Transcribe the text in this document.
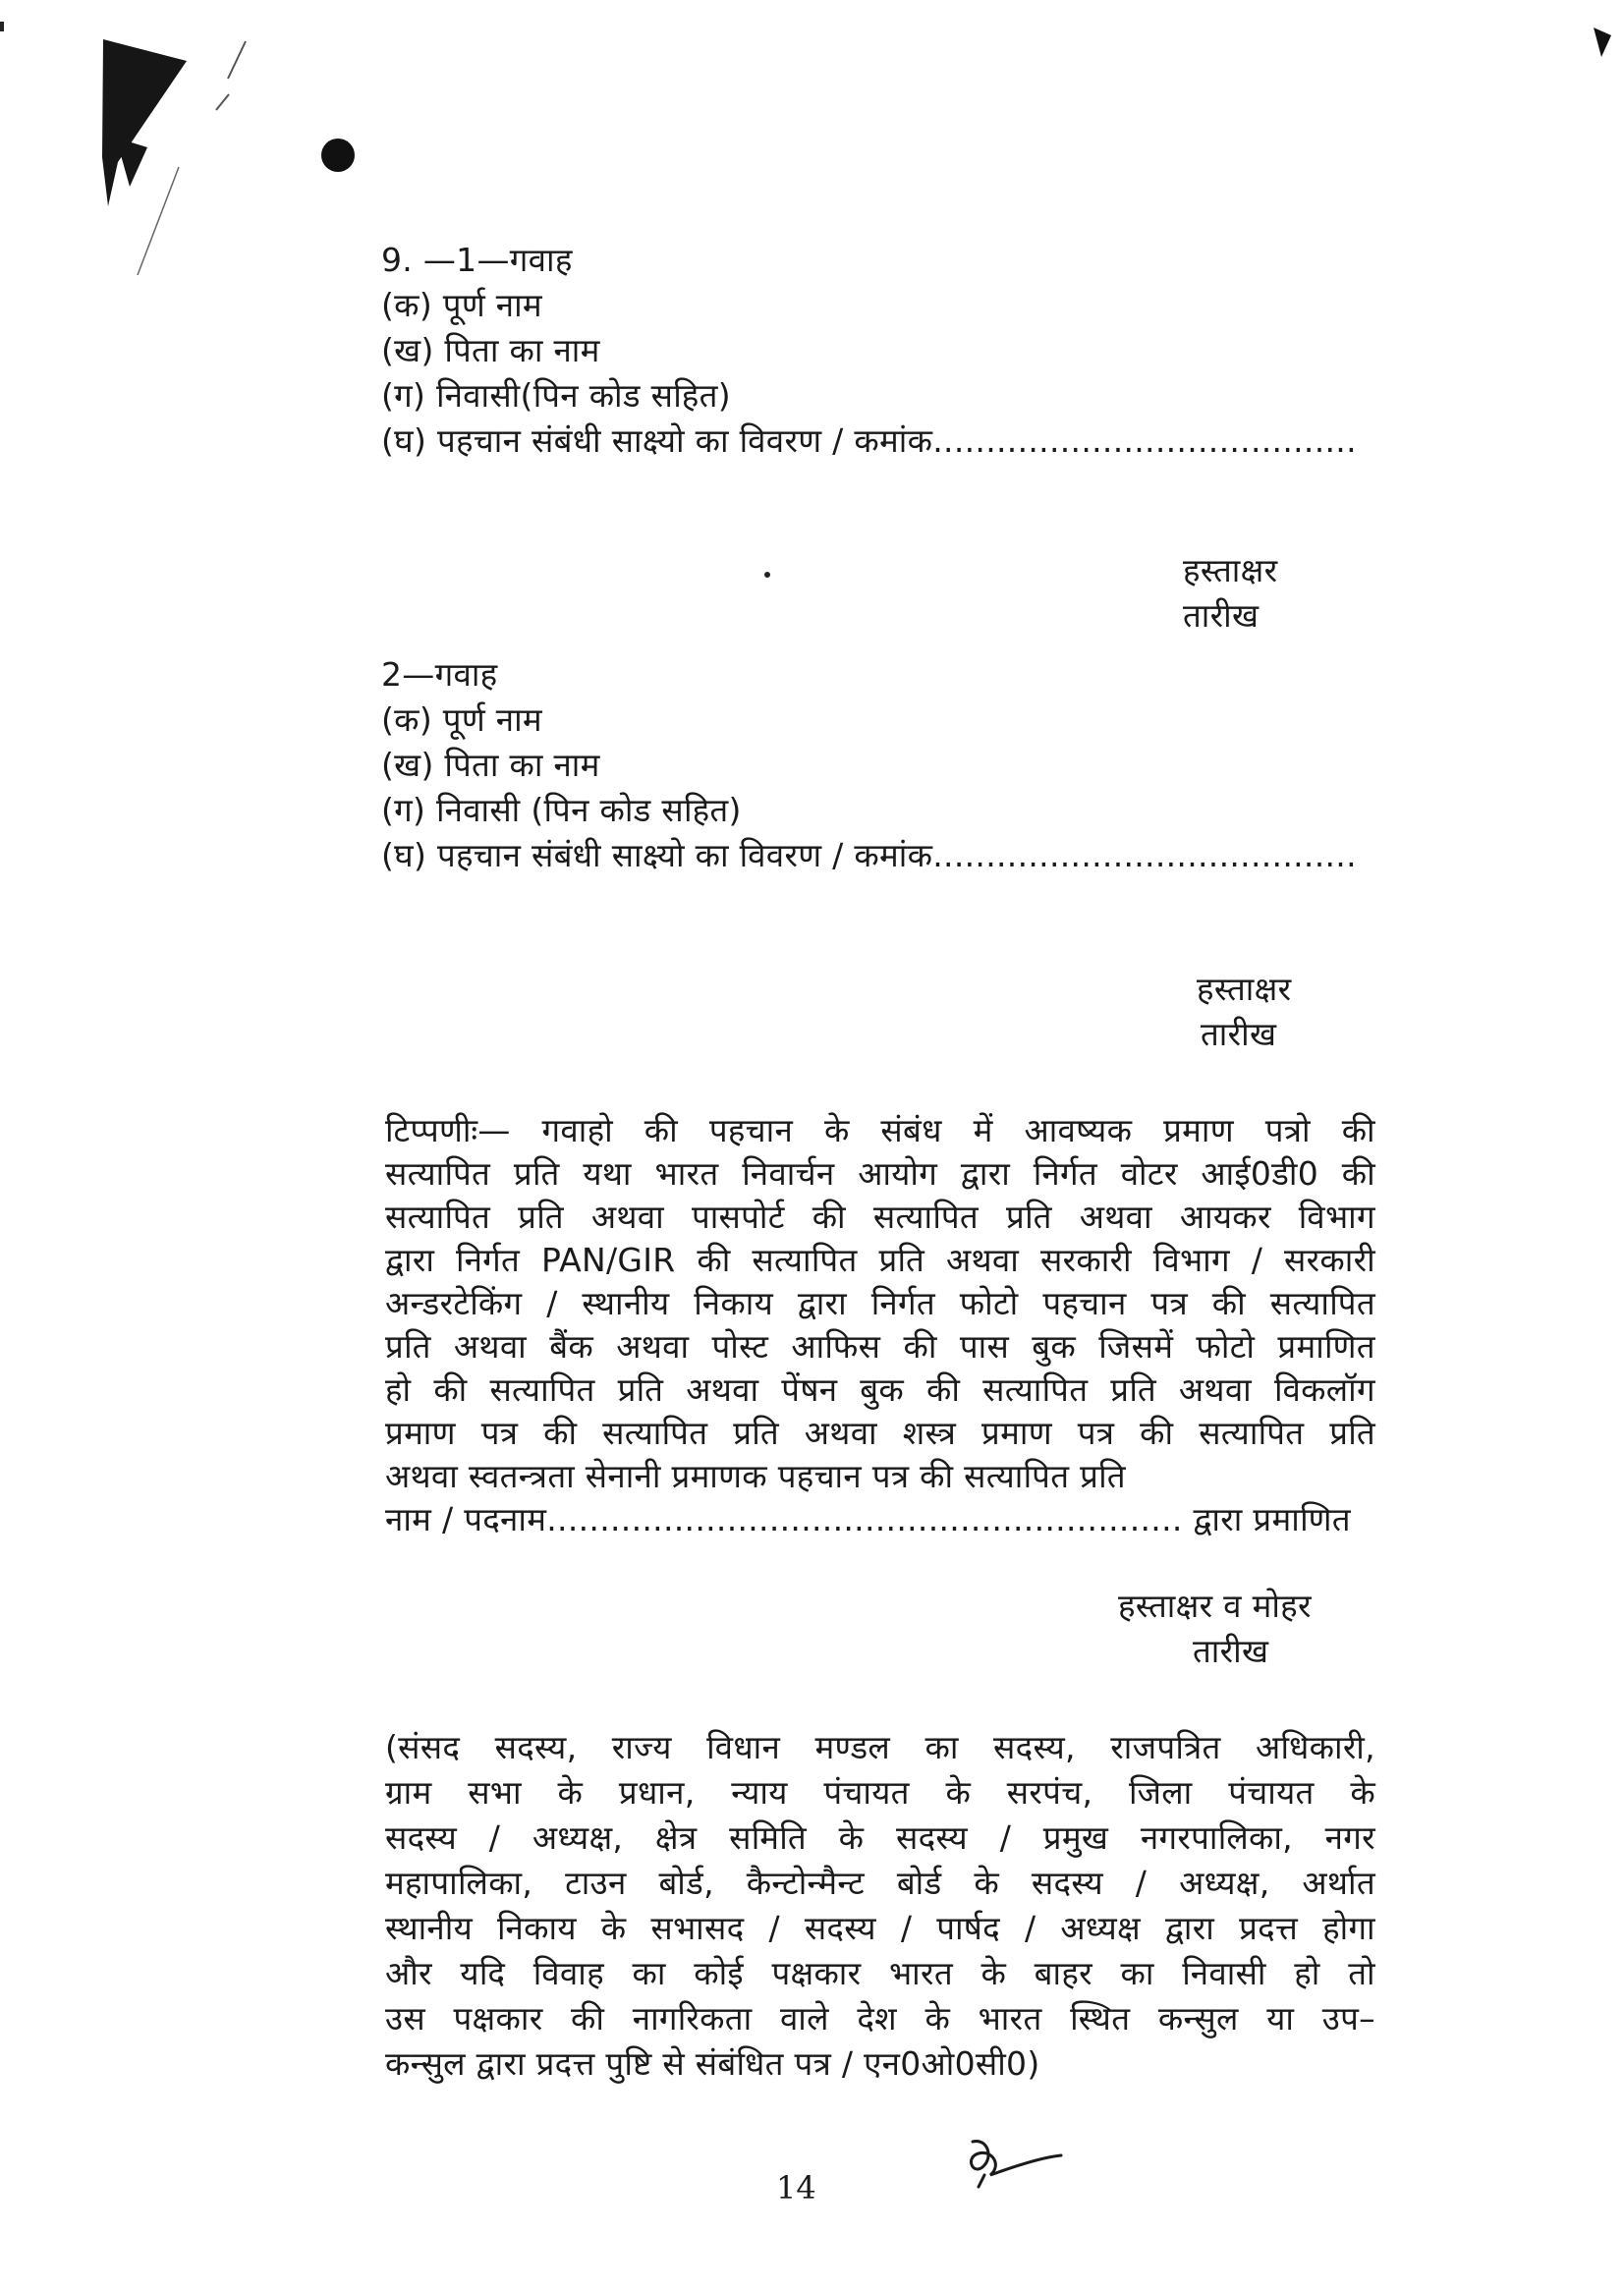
9. —1—गवाह
(क) पूर्ण नाम
(ख) पिता का नाम
(ग) निवासी(पिन कोड सहित)
(घ) पहचान संबंधी साक्ष्यो का विवरण / कमांक........................................
हस्ताक्षर
तारीख
2—गवाह
(क) पूर्ण नाम
(ख) पिता का नाम
(ग) निवासी (पिन कोड सहित)
(घ) पहचान संबंधी साक्ष्यो का विवरण / कमांक........................................
हस्ताक्षर
तारीख
टिप्पणीः— गवाहो की पहचान के संबंध में आवष्यक प्रमाण पत्रो की
सत्यापित प्रति यथा भारत निवार्चन आयोग द्वारा निर्गत वोटर आई0डी0 की
सत्यापित प्रति अथवा पासपोर्ट की सत्यापित प्रति अथवा आयकर विभाग
द्वारा निर्गत PAN/GIR की सत्यापित प्रति अथवा सरकारी विभाग / सरकारी
अन्डरटेकिंग / स्थानीय निकाय द्वारा निर्गत फोटो पहचान पत्र की सत्यापित
प्रति अथवा बैंक अथवा पोस्ट आफिस की पास बुक जिसमें फोटो प्रमाणित
हो की सत्यापित प्रति अथवा पेंषन बुक की सत्यापित प्रति अथवा विकलॉग
प्रमाण पत्र की सत्यापित प्रति अथवा शस्त्र प्रमाण पत्र की सत्यापित प्रति
अथवा स्वतन्त्रता सेनानी प्रमाणक पहचान पत्र की सत्यापित प्रति
नाम / पदनाम............................................................ द्वारा प्रमाणित
हस्ताक्षर व मोहर
तारीख
(संसद सदस्य, राज्य विधान मण्डल का सदस्य, राजपत्रित अधिकारी,
ग्राम सभा के प्रधान, न्याय पंचायत के सरपंच, जिला पंचायत के
सदस्य / अध्यक्ष, क्षेत्र समिति के सदस्य / प्रमुख नगरपालिका, नगर
महापालिका, टाउन बोर्ड, कैन्टोन्मैन्ट बोर्ड के सदस्य / अध्यक्ष, अर्थात
स्थानीय निकाय के सभासद / सदस्य / पार्षद / अध्यक्ष द्वारा प्रदत्त होगा
और यदि विवाह का कोई पक्षकार भारत के बाहर का निवासी हो तो
उस पक्षकार की नागरिकता वाले देश के भारत स्थित कन्सुल या उप–
कन्सुल द्वारा प्रदत्त पुष्टि से संबंधित पत्र / एन0ओ0सी0)
14
